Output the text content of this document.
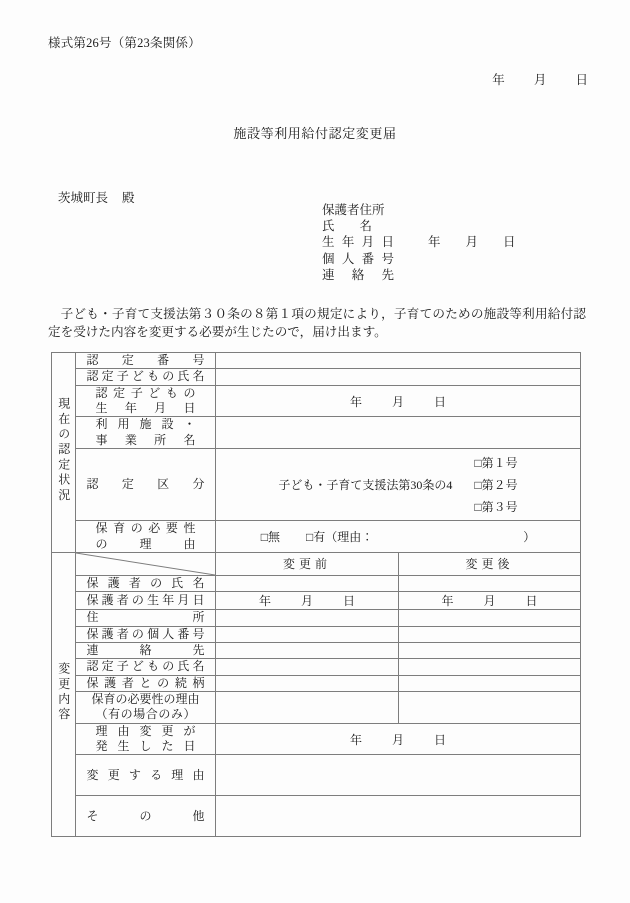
様式第26号（第23条関係）
年 月 日
施設等利用給付認定変更届
茨城町長 殿
保護者住所
氏　　名
生年月日	年 月 日
個人番号
連絡先
子ども・子育て支援法第３０条の８第１項の規定により，子育てのための施設等利用給付認定を受けた内容を変更する必要が生じたので，届け出ます。
現在の認定状況	認定番号		

	認定子どもの氏名		

	認定子どもの
生年月日	年 月 日	

	利用施設・
事業所名		

	認定区分	子ども・子育て支援法第30条の4
□第１号
□第２号
□第３号	

	保育の必要性
の理由	□無 □有（理由： ）	

変更内容		変更前	変更後

	保護者の氏名		

	保護者の生年月日	年 月 日	年 月 日

	住所		

	保護者の個人番号		

	連絡先		

	認定子どもの氏名		

	保護者との続柄		

	保育の必要性の理由
（有の場合のみ）		

	理由変更が
発生した日	年 月 日	

	変更する理由		

	その他		
